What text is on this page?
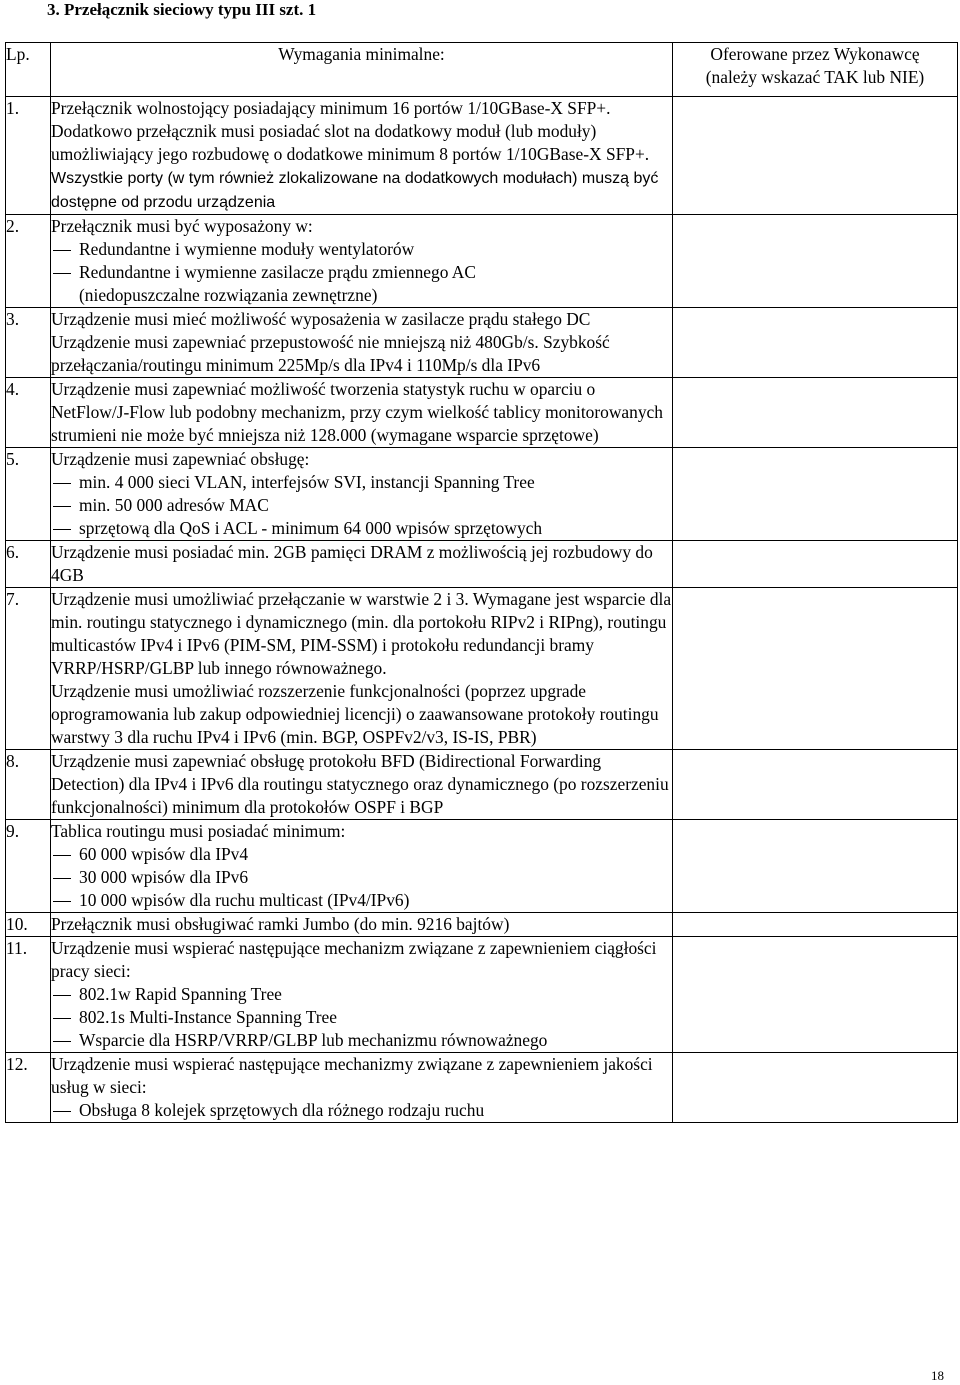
3. Przełącznik sieciowy typu III szt. 1
Lp.	Wymagania minimalne:	Oferowane przez Wykonawcę
(należy wskazać TAK lub NIE)

1.	Przełącznik wolnostojący posiadający minimum 16 portów 1/10GBase-X SFP+. Dodatkowo przełącznik musi posiadać slot na dodatkowy moduł (lub moduły) umożliwiający jego rozbudowę o dodatkowe minimum 8 portów 1/10GBase-X SFP+. Wszystkie porty (w tym również zlokalizowane na dodatkowych modułach) muszą być dostępne od przodu urządzenia	
2.	Przełącznik musi być wyposażony w:
Redundantne i wymienne moduły wentylatorów
Redundantne i wymienne zasilacze prądu zmiennego AC
(niedopuszczalne rozwiązania zewnętrzne)	

3.	Urządzenie musi mieć możliwość wyposażenia w zasilacze prądu stałego DC
Urządzenie musi zapewniać przepustowość nie mniejszą niż 480Gb/s. Szybkość przełączania/routingu minimum 225Mp/s dla IPv4 i 110Mp/s dla IPv6	

4.	Urządzenie musi zapewniać możliwość tworzenia statystyk ruchu w oparciu o NetFlow/J-Flow lub podobny mechanizm, przy czym wielkość tablicy monitorowanych strumieni nie może być mniejsza niż 128.000 (wymagane wsparcie sprzętowe)	
5.	Urządzenie musi zapewniać obsługę:
min. 4 000 sieci VLAN, interfejsów SVI, instancji Spanning Tree
min. 50 000 adresów MAC
sprzętową dla QoS i ACL - minimum 64 000 wpisów sprzętowych	

6.	Urządzenie musi posiadać min. 2GB pamięci DRAM z możliwością jej rozbudowy do 4GB	
7.	Urządzenie musi umożliwiać przełączanie w warstwie 2 i 3. Wymagane jest wsparcie dla min. routingu statycznego i dynamicznego (min. dla portokołu RIPv2 i RIPng), routingu multicastów IPv4 i IPv6 (PIM-SM, PIM-SSM) i protokołu redundancji bramy VRRP/HSRP/GLBP lub innego równoważnego.
Urządzenie musi umożliwiać rozszerzenie funkcjonalności (poprzez upgrade oprogramowania lub zakup odpowiedniej licencji) o zaawansowane protokoły routingu warstwy 3 dla ruchu IPv4 i IPv6 (min. BGP, OSPFv2/v3, IS-IS, PBR)	

8.	Urządzenie musi zapewniać obsługę protokołu BFD (Bidirectional Forwarding Detection) dla IPv4 i IPv6 dla routingu statycznego oraz dynamicznego (po rozszerzeniu funkcjonalności) minimum dla protokołów OSPF i BGP	
9.	Tablica routingu musi posiadać minimum:
60 000 wpisów dla IPv4
30 000 wpisów dla IPv6
10 000 wpisów dla ruchu multicast (IPv4/IPv6)	

10.	Przełącznik musi obsługiwać ramki Jumbo (do min. 9216 bajtów)	
11.	Urządzenie musi wspierać następujące mechanizm związane z zapewnieniem ciągłości pracy sieci:
802.1w Rapid Spanning Tree
802.1s Multi-Instance Spanning Tree
Wsparcie dla HSRP/VRRP/GLBP lub mechanizmu równoważnego	

12.	Urządzenie musi wspierać następujące mechanizmy związane z zapewnieniem jakości usług w sieci:
Obsługa 8 kolejek sprzętowych dla różnego rodzaju ruchu	

18
